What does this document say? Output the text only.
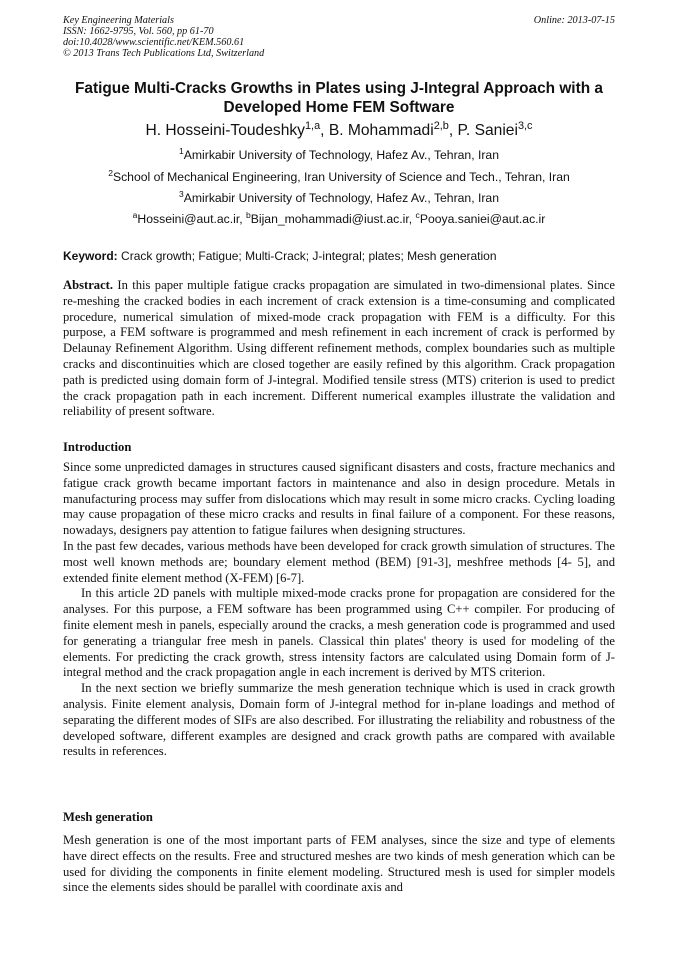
Key Engineering Materials
ISSN: 1662-9795, Vol. 560, pp 61-70
doi:10.4028/www.scientific.net/KEM.560.61
© 2013 Trans Tech Publications Ltd, Switzerland
Online: 2013-07-15
Fatigue Multi-Cracks Growths in Plates using J-Integral Approach with a Developed Home FEM Software
H. Hosseini-Toudeshky$^{1,a}$, B. Mohammadi$^{2,b}$, P. Saniei$^{3,c}$
$^1$Amirkabir University of Technology, Hafez Av., Tehran, Iran
$^2$School of Mechanical Engineering, Iran University of Science and Tech., Tehran, Iran
$^3$Amirkabir University of Technology, Hafez Av., Tehran, Iran
$^a$Hosseini@aut.ac.ir, $^b$Bijan_mohammadi@iust.ac.ir, $^c$Pooya.saniei@aut.ac.ir
Keyword: Crack growth; Fatigue; Multi-Crack; J-integral; plates; Mesh generation
Abstract. In this paper multiple fatigue cracks propagation are simulated in two-dimensional plates. Since re-meshing the cracked bodies in each increment of crack extension is a time-consuming and complicated procedure, numerical simulation of mixed-mode crack propagation with FEM is a difficulty. For this purpose, a FEM software is programmed and mesh refinement in each increment of crack is performed by Delaunay Refinement Algorithm. Using different refinement methods, complex boundaries such as multiple cracks and discontinuities which are closed together are easily refined by this algorithm. Crack propagation path is predicted using domain form of J-integral. Modified tensile stress (MTS) criterion is used to predict the crack propagation path in each increment. Different numerical examples illustrate the validation and reliability of present software.
Introduction

Since some unpredicted damages in structures caused significant disasters and costs, fracture mechanics and fatigue crack growth became important factors in maintenance and also in design procedure. Metals in manufacturing process may suffer from dislocations which may result in some micro cracks. Cycling loading may cause propagation of these micro cracks and results in final failure of a component. For these reasons, nowadays, designers pay attention to fatigue failures when designing structures.

In the past few decades, various methods have been developed for crack growth simulation of structures. The most well known methods are; boundary element method (BEM) [91-3], meshfree methods [4- 5], and extended finite element method (X-FEM) [6-7].

In this article 2D panels with multiple mixed-mode cracks prone for propagation are considered for the analyses. For this purpose, a FEM software has been programmed using C++ compiler. For producing of finite element mesh in panels, especially around the cracks, a mesh generation code is programmed and used for generating a triangular free mesh in panels. Classical thin plates' theory is used for modeling of the elements. For predicting the crack growth, stress intensity factors are calculated using Domain form of J-integral method and the crack propagation angle in each increment is derived by MTS criterion.

In the next section we briefly summarize the mesh generation technique which is used in crack growth analysis. Finite element analysis, Domain form of J-integral method for in-plane loadings and method of separating the different modes of SIFs are also described. For illustrating the reliability and robustness of the developed software, different examples are designed and crack growth paths are compared with available results in references.

Mesh generation

Mesh generation is one of the most important parts of FEM analyses, since the size and type of elements have direct effects on the results. Free and structured meshes are two kinds of mesh generation which can be used for dividing the components in finite element modeling. Structured mesh is used for simpler models since the elements sides should be parallel with coordinate axis and
